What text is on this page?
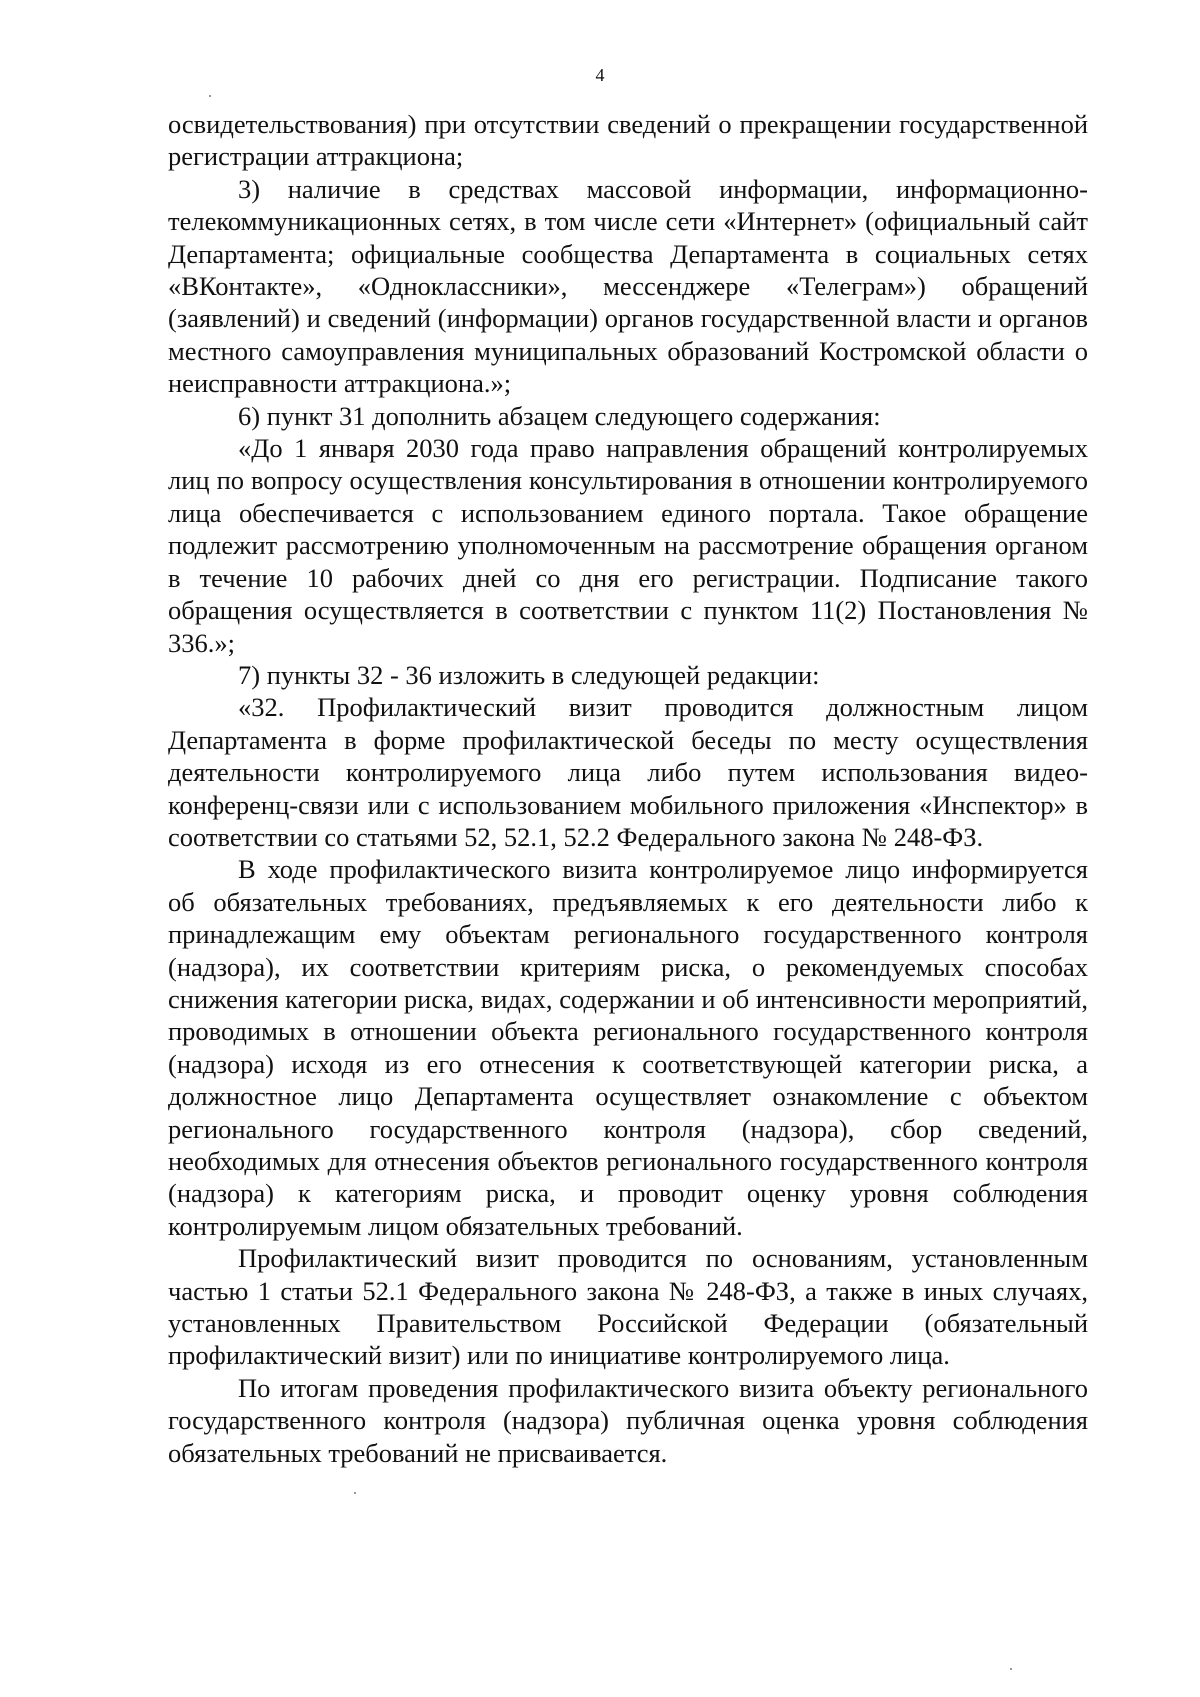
4

освидетельствования) при отсутствии сведений о прекращении государственной регистрации аттракциона;

3) наличие в средствах массовой информации, информационно-телекоммуникационных сетях, в том числе сети «Интернет» (официальный сайт Департамента; официальные сообщества Департамента в социальных сетях «ВКонтакте», «Одноклассники», мессенджере «Телеграм») обращений (заявлений) и сведений (информации) органов государственной власти и органов местного самоуправления муниципальных образований Костромской области о неисправности аттракциона.»;

6) пункт 31 дополнить абзацем следующего содержания:

«До 1 января 2030 года право направления обращений контролируемых лиц по вопросу осуществления консультирования в отношении контролируемого лица обеспечивается с использованием единого портала. Такое обращение подлежит рассмотрению уполномоченным на рассмотрение обращения органом в течение 10 рабочих дней со дня его регистрации. Подписание такого обращения осуществляется в соответствии с пунктом 11(2) Постановления № 336.»;

7) пункты 32 - 36 изложить в следующей редакции:

«32. Профилактический визит проводится должностным лицом Департамента в форме профилактической беседы по месту осуществления деятельности контролируемого лица либо путем использования видео-конференц-связи или с использованием мобильного приложения «Инспектор» в соответствии со статьями 52, 52.1, 52.2 Федерального закона № 248-ФЗ.

В ходе профилактического визита контролируемое лицо информируется об обязательных требованиях, предъявляемых к его деятельности либо к принадлежащим ему объектам регионального государственного контроля (надзора), их соответствии критериям риска, о рекомендуемых способах снижения категории риска, видах, содержании и об интенсивности мероприятий, проводимых в отношении объекта регионального государственного контроля (надзора) исходя из его отнесения к соответствующей категории риска, а должностное лицо Департамента осуществляет ознакомление с объектом регионального государственного контроля (надзора), сбор сведений, необходимых для отнесения объектов регионального государственного контроля (надзора) к категориям риска, и проводит оценку уровня соблюдения контролируемым лицом обязательных требований.

Профилактический визит проводится по основаниям, установленным частью 1 статьи 52.1 Федерального закона № 248-ФЗ, а также в иных случаях, установленных Правительством Российской Федерации (обязательный профилактический визит) или по инициативе контролируемого лица.

По итогам проведения профилактического визита объекту регионального государственного контроля (надзора) публичная оценка уровня соблюдения обязательных требований не присваивается.
